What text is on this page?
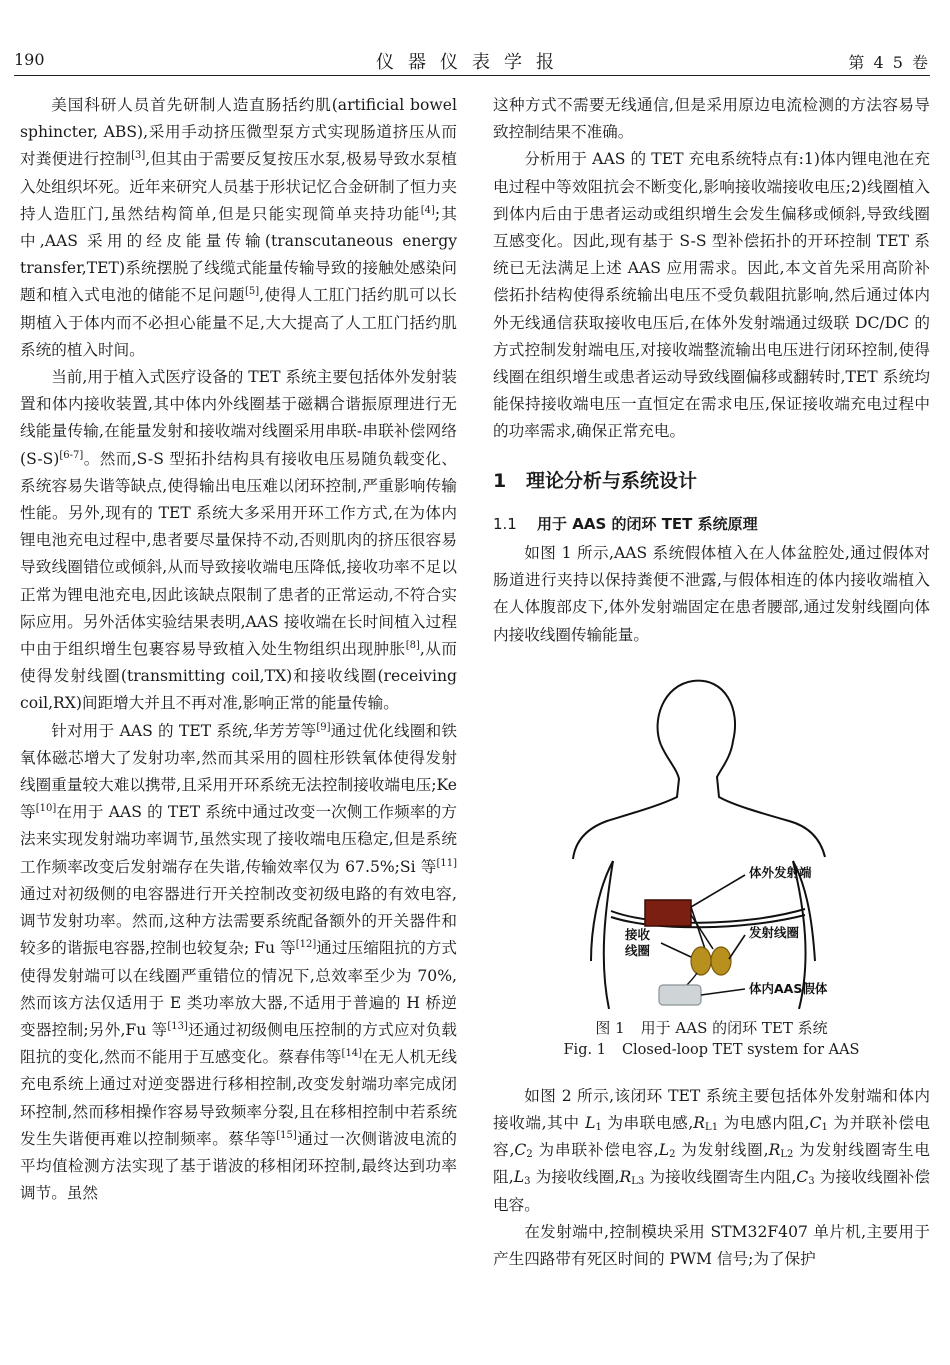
190	仪器仪表学报	第 4 5 卷

美国科研人员首先研制人造直肠括约肌(artificial bowel sphincter, ABS),采用手动挤压微型泵方式实现肠道挤压从而对粪便进行控制[3],但其由于需要反复按压水泵,极易导致水泵植入处组织坏死。近年来研究人员基于形状记忆合金研制了恒力夹持人造肛门,虽然结构简单,但是只能实现简单夹持功能[4];其中,AAS 采用的经皮能量传输(transcutaneous energy transfer,TET)系统摆脱了线缆式能量传输导致的接触处感染问题和植入式电池的储能不足问题[5],使得人工肛门括约肌可以长期植入于体内而不必担心能量不足,大大提高了人工肛门括约肌系统的植入时间。

当前,用于植入式医疗设备的 TET 系统主要包括体外发射装置和体内接收装置,其中体内外线圈基于磁耦合谐振原理进行无线能量传输,在能量发射和接收端对线圈采用串联-串联补偿网络(S-S)[6-7]。然而,S-S 型拓扑结构具有接收电压易随负载变化、系统容易失谐等缺点,使得输出电压难以闭环控制,严重影响传输性能。另外,现有的 TET 系统大多采用开环工作方式,在为体内锂电池充电过程中,患者要尽量保持不动,否则肌肉的挤压很容易导致线圈错位或倾斜,从而导致接收端电压降低,接收功率不足以正常为锂电池充电,因此该缺点限制了患者的正常运动,不符合实际应用。另外活体实验结果表明,AAS 接收端在长时间植入过程中由于组织增生包裹容易导致植入处生物组织出现肿胀[8],从而使得发射线圈(transmitting coil,TX)和接收线圈(receiving coil,RX)间距增大并且不再对准,影响正常的能量传输。

针对用于 AAS 的 TET 系统,华芳芳等[9]通过优化线圈和铁氧体磁芯增大了发射功率,然而其采用的圆柱形铁氧体使得发射线圈重量较大难以携带,且采用开环系统无法控制接收端电压;Ke 等[10]在用于 AAS 的 TET 系统中通过改变一次侧工作频率的方法来实现发射端功率调节,虽然实现了接收端电压稳定,但是系统工作频率改变后发射端存在失谐,传输效率仅为 67.5%;Si 等[11]通过对初级侧的电容器进行开关控制改变初级电路的有效电容,调节发射功率。然而,这种方法需要系统配备额外的开关器件和较多的谐振电容器,控制也较复杂; Fu 等[12]通过压缩阻抗的方式使得发射端可以在线圈严重错位的情况下,总效率至少为 70%,然而该方法仅适用于 E 类功率放大器,不适用于普遍的 H 桥逆变器控制;另外,Fu 等[13]还通过初级侧电压控制的方式应对负载阻抗的变化,然而不能用于互感变化。蔡春伟等[14]在无人机无线充电系统上通过对逆变器进行移相控制,改变发射端功率完成闭环控制,然而移相操作容易导致频率分裂,且在移相控制中若系统发生失谐便再难以控制频率。蔡华等[15]通过一次侧谐波电流的平均值检测方法实现了基于谐波的移相闭环控制,最终达到功率调节。虽然

这种方式不需要无线通信,但是采用原边电流检测的方法容易导致控制结果不准确。

分析用于 AAS 的 TET 充电系统特点有:1)体内锂电池在充电过程中等效阻抗会不断变化,影响接收端接收电压;2)线圈植入到体内后由于患者运动或组织增生会发生偏移或倾斜,导致线圈互感变化。因此,现有基于 S-S 型补偿拓扑的开环控制 TET 系统已无法满足上述 AAS 应用需求。因此,本文首先采用高阶补偿拓扑结构使得系统输出电压不受负载阻抗影响,然后通过体内外无线通信获取接收电压后,在体外发射端通过级联 DC/DC 的方式控制发射端电压,对接收端整流输出电压进行闭环控制,使得线圈在组织增生或患者运动导致线圈偏移或翻转时,TET 系统均能保持接收端电压一直恒定在需求电压,保证接收端充电过程中的功率需求,确保正常充电。

1 理论分析与系统设计
1.1 用于 AAS 的闭环 TET 系统原理

如图 1 所示,AAS 系统假体植入在人体盆腔处,通过假体对肠道进行夹持以保持粪便不泄露,与假体相连的体内接收端植入在人体腹部皮下,体外发射端固定在患者腰部,通过发射线圈向体内接收线圈传输能量。

体外发射端
发射线圈
接收
线圈
体内AAS假体
图 1 用于 AAS 的闭环 TET 系统
Fig. 1 Closed-loop TET system for AAS

如图 2 所示,该闭环 TET 系统主要包括体外发射端和体内接收端,其中 $L_1$ 为串联电感$,R_{L1}$ 为电感内阻$,C_1$ 为并联补偿电容$,C_2$ 为串联补偿电容$,L_2$ 为发射线圈$,R_{L2}$ 为发射线圈寄生电阻$,L_3$ 为接收线圈$,R_{L3}$ 为接收线圈寄生内阻$,C_3$ 为接收线圈补偿电容。

在发射端中,控制模块采用 STM32F407 单片机,主要用于产生四路带有死区时间的 PWM 信号;为了保护
